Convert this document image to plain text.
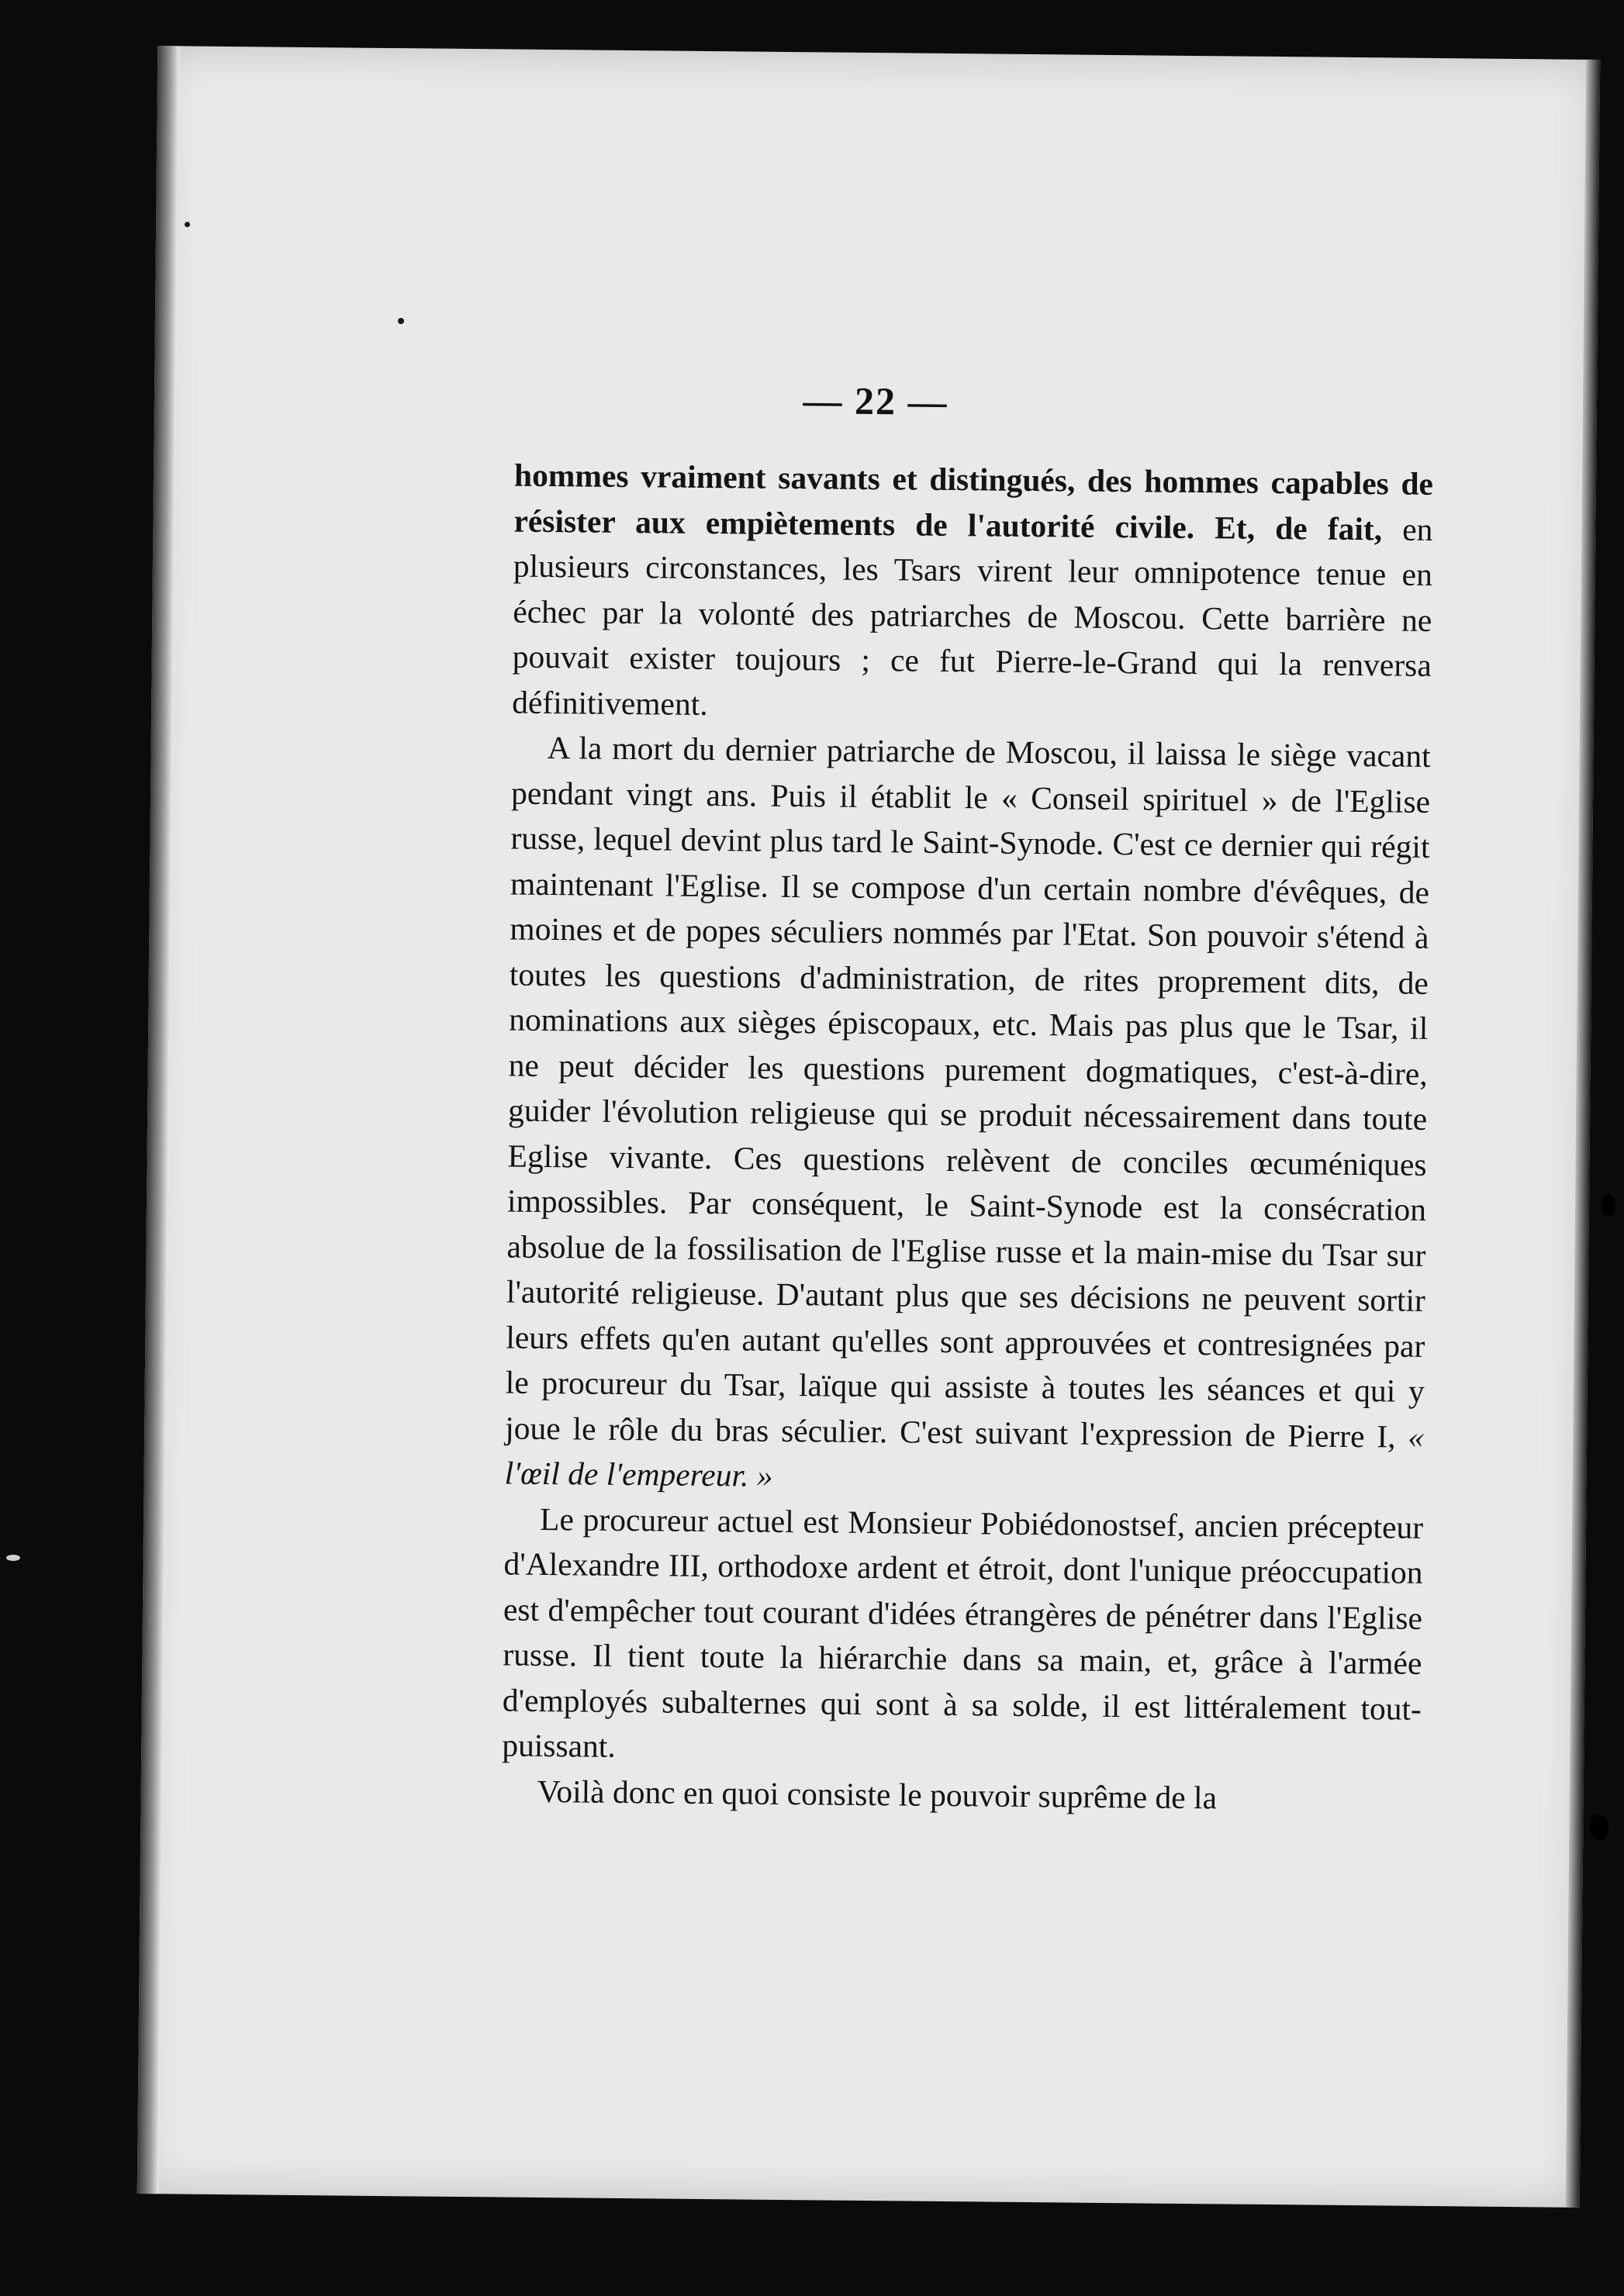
— 22 —

hommes vraiment savants et distingués, des hommes capables de résister aux empiètements de l'autorité civile. Et, de fait, en plusieurs circonstances, les Tsars virent leur omnipotence tenue en échec par la volonté des patriarches de Moscou. Cette barrière ne pouvait exister toujours ; ce fut Pierre-le-Grand qui la renversa définitivement.

A la mort du dernier patriarche de Moscou, il laissa le siège vacant pendant vingt ans. Puis il établit le « Conseil spirituel » de l'Eglise russe, lequel devint plus tard le Saint-Synode. C'est ce dernier qui régit maintenant l'Eglise. Il se compose d'un certain nombre d'évêques, de moines et de popes séculiers nommés par l'Etat. Son pouvoir s'étend à toutes les questions d'administration, de rites proprement dits, de nominations aux sièges épiscopaux, etc. Mais pas plus que le Tsar, il ne peut décider les questions purement dogmatiques, c'est-à-dire, guider l'évolution religieuse qui se produit nécessairement dans toute Eglise vivante. Ces questions relèvent de conciles œcuméniques impossibles. Par conséquent, le Saint-Synode est la consécration absolue de la fossilisation de l'Eglise russe et la main-mise du Tsar sur l'autorité religieuse. D'autant plus que ses décisions ne peuvent sortir leurs effets qu'en autant qu'elles sont approuvées et contresignées par le procureur du Tsar, laïque qui assiste à toutes les séances et qui y joue le rôle du bras séculier. C'est suivant l'expression de Pierre I, « l'œil de l'empereur. »

Le procureur actuel est Monsieur Pobiédonostsef, ancien précepteur d'Alexandre III, orthodoxe ardent et étroit, dont l'unique préoccupation est d'empêcher tout courant d'idées étrangères de pénétrer dans l'Eglise russe. Il tient toute la hiérarchie dans sa main, et, grâce à l'armée d'employés subalternes qui sont à sa solde, il est littéralement tout-puissant.

Voilà donc en quoi consiste le pouvoir suprême de la
